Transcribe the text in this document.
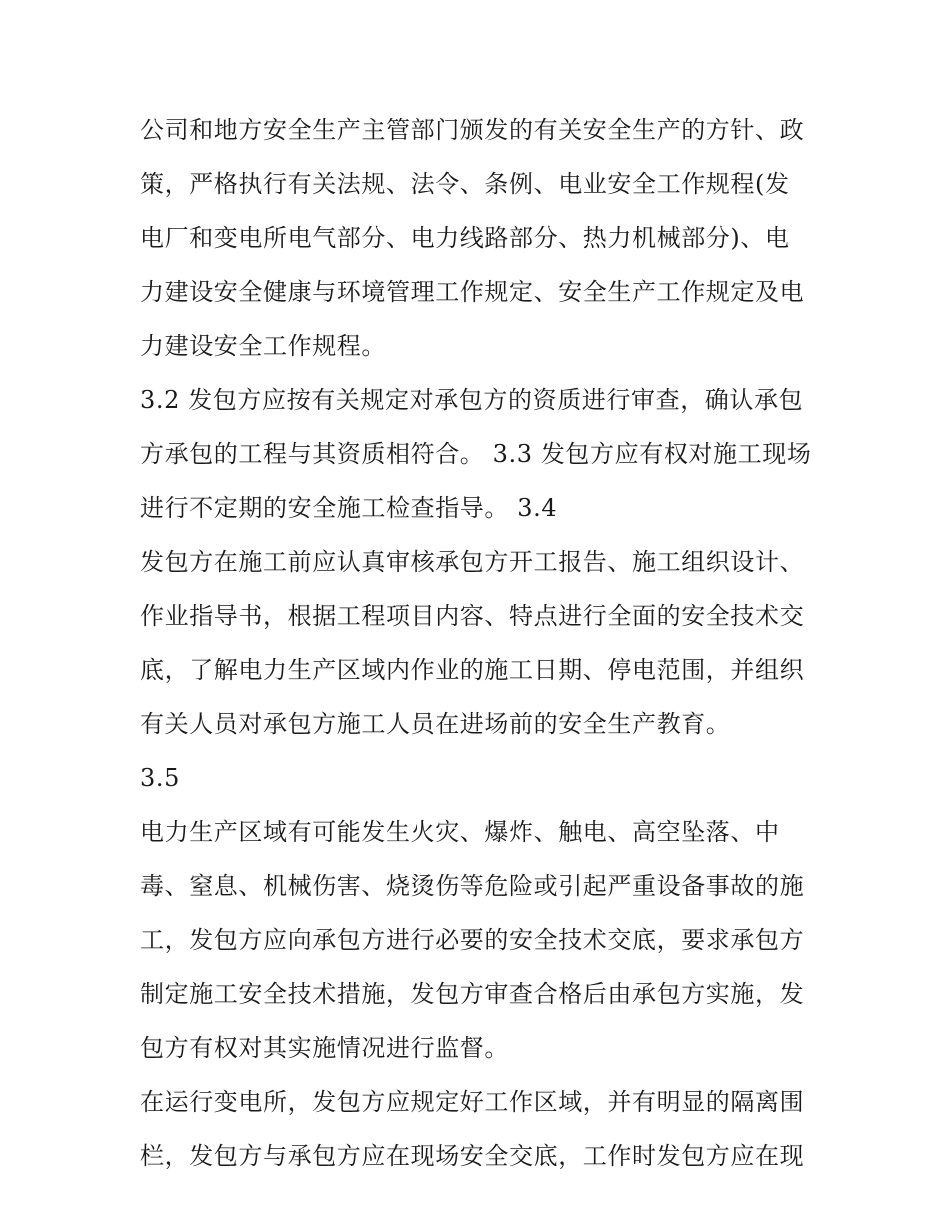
公司和地方安全生产主管部门颁发的有关安全生产的方针、政
策，严格执行有关法规、法令、条例、电业安全工作规程(发
电厂和变电所电气部分、电力线路部分、热力机械部分)、电
力建设安全健康与环境管理工作规定、安全生产工作规定及电
力建设安全工作规程。
3.2 发包方应按有关规定对承包方的资质进行审查，确认承包
方承包的工程与其资质相符合。 3.3 发包方应有权对施工现场
进行不定期的安全施工检查指导。 3.4
发包方在施工前应认真审核承包方开工报告、施工组织设计、
作业指导书，根据工程项目内容、特点进行全面的安全技术交
底，了解电力生产区域内作业的施工日期、停电范围，并组织
有关人员对承包方施工人员在进场前的安全生产教育。
3.5
电力生产区域有可能发生火灾、爆炸、触电、高空坠落、中
毒、窒息、机械伤害、烧烫伤等危险或引起严重设备事故的施
工，发包方应向承包方进行必要的安全技术交底，要求承包方
制定施工安全技术措施，发包方审查合格后由承包方实施，发
包方有权对其实施情况进行监督。
在运行变电所，发包方应规定好工作区域，并有明显的隔离围
栏，发包方与承包方应在现场安全交底，工作时发包方应在现
